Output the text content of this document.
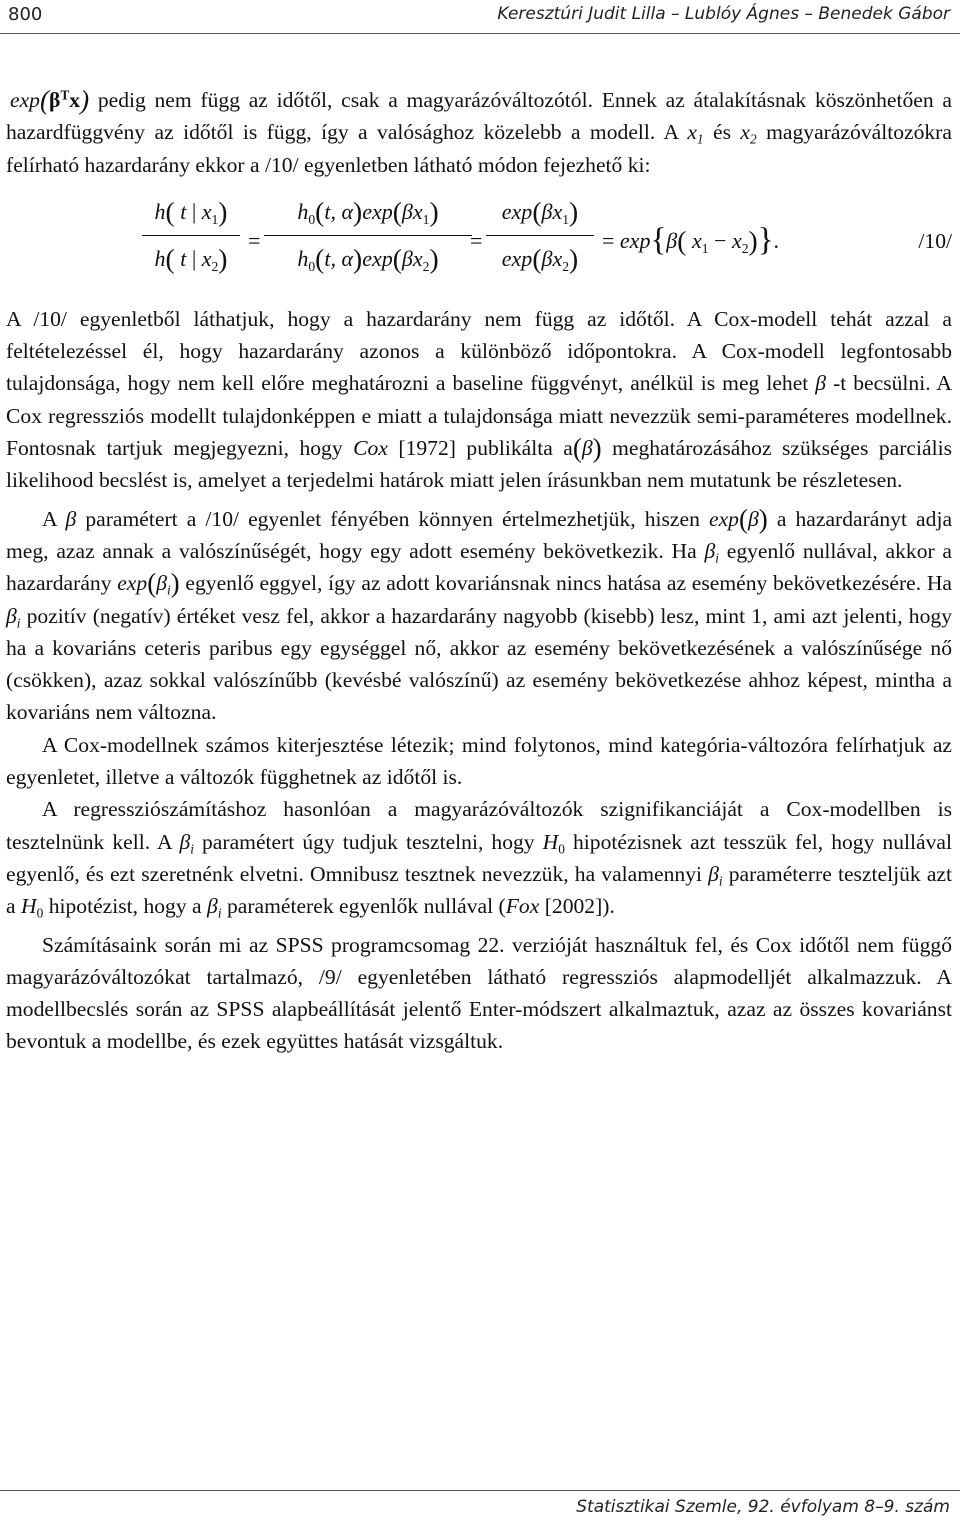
800	Keresztúri Judit Lilla – Lublóy Ágnes – Benedek Gábor

$\exp(\beta^Tx)$ pedig nem függ az időtől, csak a magyarázóváltozótól. Ennek az átalakításnak köszönhetően a hazardfüggvény az időtől is függ, így a valósághoz közelebb a modell. A $x_1$ és $x_2$ magyarázóváltozókra felírható hazardarány ekkor a /10/ egyenletben látható módon fejezhető ki:

h( t | $x_1$)
h( t | $x_2$)
=
$h_0(t$, $\alpha)\exp(\beta x_1)$
$h_0(t$, $\alpha)\exp(\beta x_2)$
=
$\exp(\beta x_1)$
$\exp(\beta x_2)$
= exp{β( $x_1 - x_2$)}.	/10/

A /10/ egyenletből láthatjuk, hogy a hazardarány nem függ az időtől. A Cox-modell tehát azzal a feltételezéssel él, hogy hazardarány azonos a különböző időpontokra. A Cox-modell legfontosabb tulajdonsága, hogy nem kell előre meghatározni a baseline függvényt, anélkül is meg lehet β -t becsülni. A Cox regressziós modellt tulajdonképpen e miatt a tulajdonsága miatt nevezzük semi-paraméteres modellnek. Fontosnak tartjuk megjegyezni, hogy Cox [1972] publikálta a(β) meghatározásához szükséges parciális likelihood becslést is, amelyet a terjedelmi határok miatt jelen írásunkban nem mutatunk be részletesen.

A β paramétert a /10/ egyenlet fényében könnyen értelmezhetjük, hiszen exp(β) a hazardarányt adja meg, azaz annak a valószínűségét, hogy egy adott esemény bekövetkezik. Ha $\beta_i$ egyenlő nullával, akkor a hazardarány $\exp(\beta_i)$ egyenlő eggyel, így az adott kovariánsnak nincs hatása az esemény bekövetkezésére. Ha $\beta_i$ pozitív (negatív) értéket vesz fel, akkor a hazardarány nagyobb (kisebb) lesz, mint 1, ami azt jelenti, hogy ha a kovariáns ceteris paribus egy egységgel nő, akkor az esemény bekövetkezésének a valószínűsége nő (csökken), azaz sokkal valószínűbb (kevésbé valószínű) az esemény bekövetkezése ahhoz képest, mintha a kovariáns nem változna.

A Cox-modellnek számos kiterjesztése létezik; mind folytonos, mind kategória-változóra felírhatjuk az egyenletet, illetve a változók függhetnek az időtől is.

A regressziószámításhoz hasonlóan a magyarázóváltozók szignifikanciáját a Cox-modellben is tesztelnünk kell. A $\beta_i$ paramétert úgy tudjuk tesztelni, hogy $H_0$ hipotézisnek azt tesszük fel, hogy nullával egyenlő, és ezt szeretnénk elvetni. Omnibusz tesztnek nevezzük, ha valamennyi $\beta_i$ paraméterre teszteljük azt a $H_0$ hipotézist, hogy a $\beta_i$ paraméterek egyenlők nullával (Fox [2002]).

Számításaink során mi az SPSS programcsomag 22. verzióját használtuk fel, és Cox időtől nem függő magyarázóváltozókat tartalmazó, /9/ egyenletében látható regressziós alapmodelljét alkalmazzuk. A modellbecslés során az SPSS alapbeállítását jelentő Enter-módszert alkalmaztuk, azaz az összes kovariánst bevontuk a modellbe, és ezek együttes hatását vizsgáltuk.

Statisztikai Szemle, 92. évfolyam 8–9. szám
